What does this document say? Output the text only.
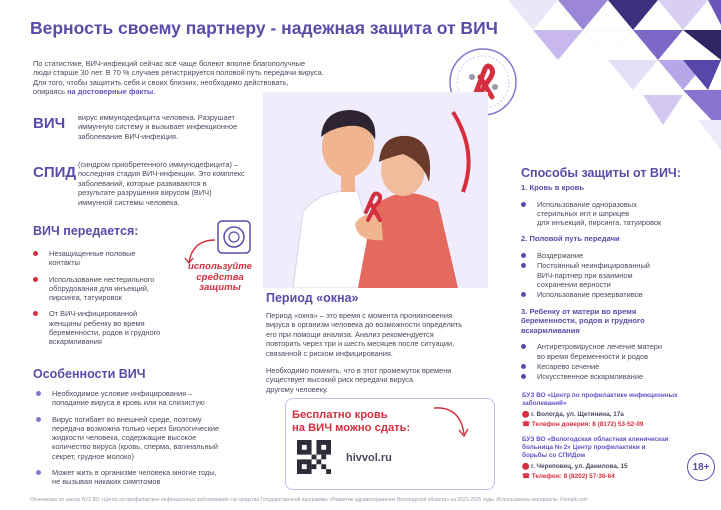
Верность своему партнеру - надежная защита от ВИЧ
По статистике, ВИЧ-инфекций сейчас всё чаще болеют вполне благополучные
люди старше 30 лет. В 70 % случаев регистрируется половой путь передачи вируса.
Для того, чтобы защитить себя и своих близких, необходимо действовать,
опираясь на достоверные факты.
ВИЧ вирус иммунодефицита человека. Разрушает
иммунную систему и вызывает инфекционное
заболевание ВИЧ-инфекция.
СПИД (синдром приобретенного иммунодефицита) –
последняя стадия ВИЧ-инфекции. Это комплекс
заболеваний, которые развиваются в
результате разрушения вирусом (ВИЧ)
иммунной системы человека.
ВИЧ передается:
Незащищенные половые
контакты
Использование нестерильного
оборудования для инъекций,
пирсинга, татуировок
От ВИЧ-инфицированной
женщины ребенку во время
беременности, родов и грудного
вскармливания
используйте
средства
защиты
Период «окна»
Период «окна» – это время с момента проникновения
вируса в организм человека до возможности определить
его при помощи анализа. Анализ рекомендуется
повторить через три и шесть месяцев после ситуации,
связанной с риском инфицирования.
Необходимо помнить, что в этот промежуток времени
существует высокий риск передачи вируса
другому человеку.
Особенности ВИЧ
Необходимое условие инфицирования –
попадание вируса в кровь или на слизистую
Вирус погибает во внешней среде, поэтому
передача возможна только через биологические
жидкости человека, содержащие высокое
количество вируса (кровь, сперма, вагинальный
секрет, грудное молоко)
Может жить в организме человека многие годы,
не вызывая никаких симптомов
Способы защиты от ВИЧ:
1. Кровь в кровь
Использование одноразовых
стерильных игл и шприцев
для инъекций, пирсинга, татуировок
2. Половой путь передачи
Воздержание
Постоянный неинфицированный
ВИЧ-партнер при взаимном
сохранении верности
Использование презервативов
3. Ребенку от матери во время
беременности, родов и грудного
вскармливания
Антиретровирусное лечение матери
во время беременности и родов
Кесарево сечение
Искусственное вскармливание
Бесплатно кровь
на ВИЧ можно сдать:
hivvol.ru
БУЗ ВО «Центр по профилактике инфекционных
заболеваний»
⬤ г. Вологда, ул. Щетинина, 17а
☎ Телефон доверия: 8 (8172) 53-52-09
БУЗ ВО «Вологодская областная клиническая
больница № 2» Центр профилактики и
борьбы со СПИДом
⬤ г. Череповец, ул. Данилова, 15
☎ Телефон: 8 (8202) 57-36-64
18+
Отпечатано по заказу БУЗ ВО «Центр по профилактике инфекционных заболеваний» на средства Государственной программы «Развитие здравоохранения Вологодской области» на 2021-2025 годы. Использованы материалы: Freepik.com
